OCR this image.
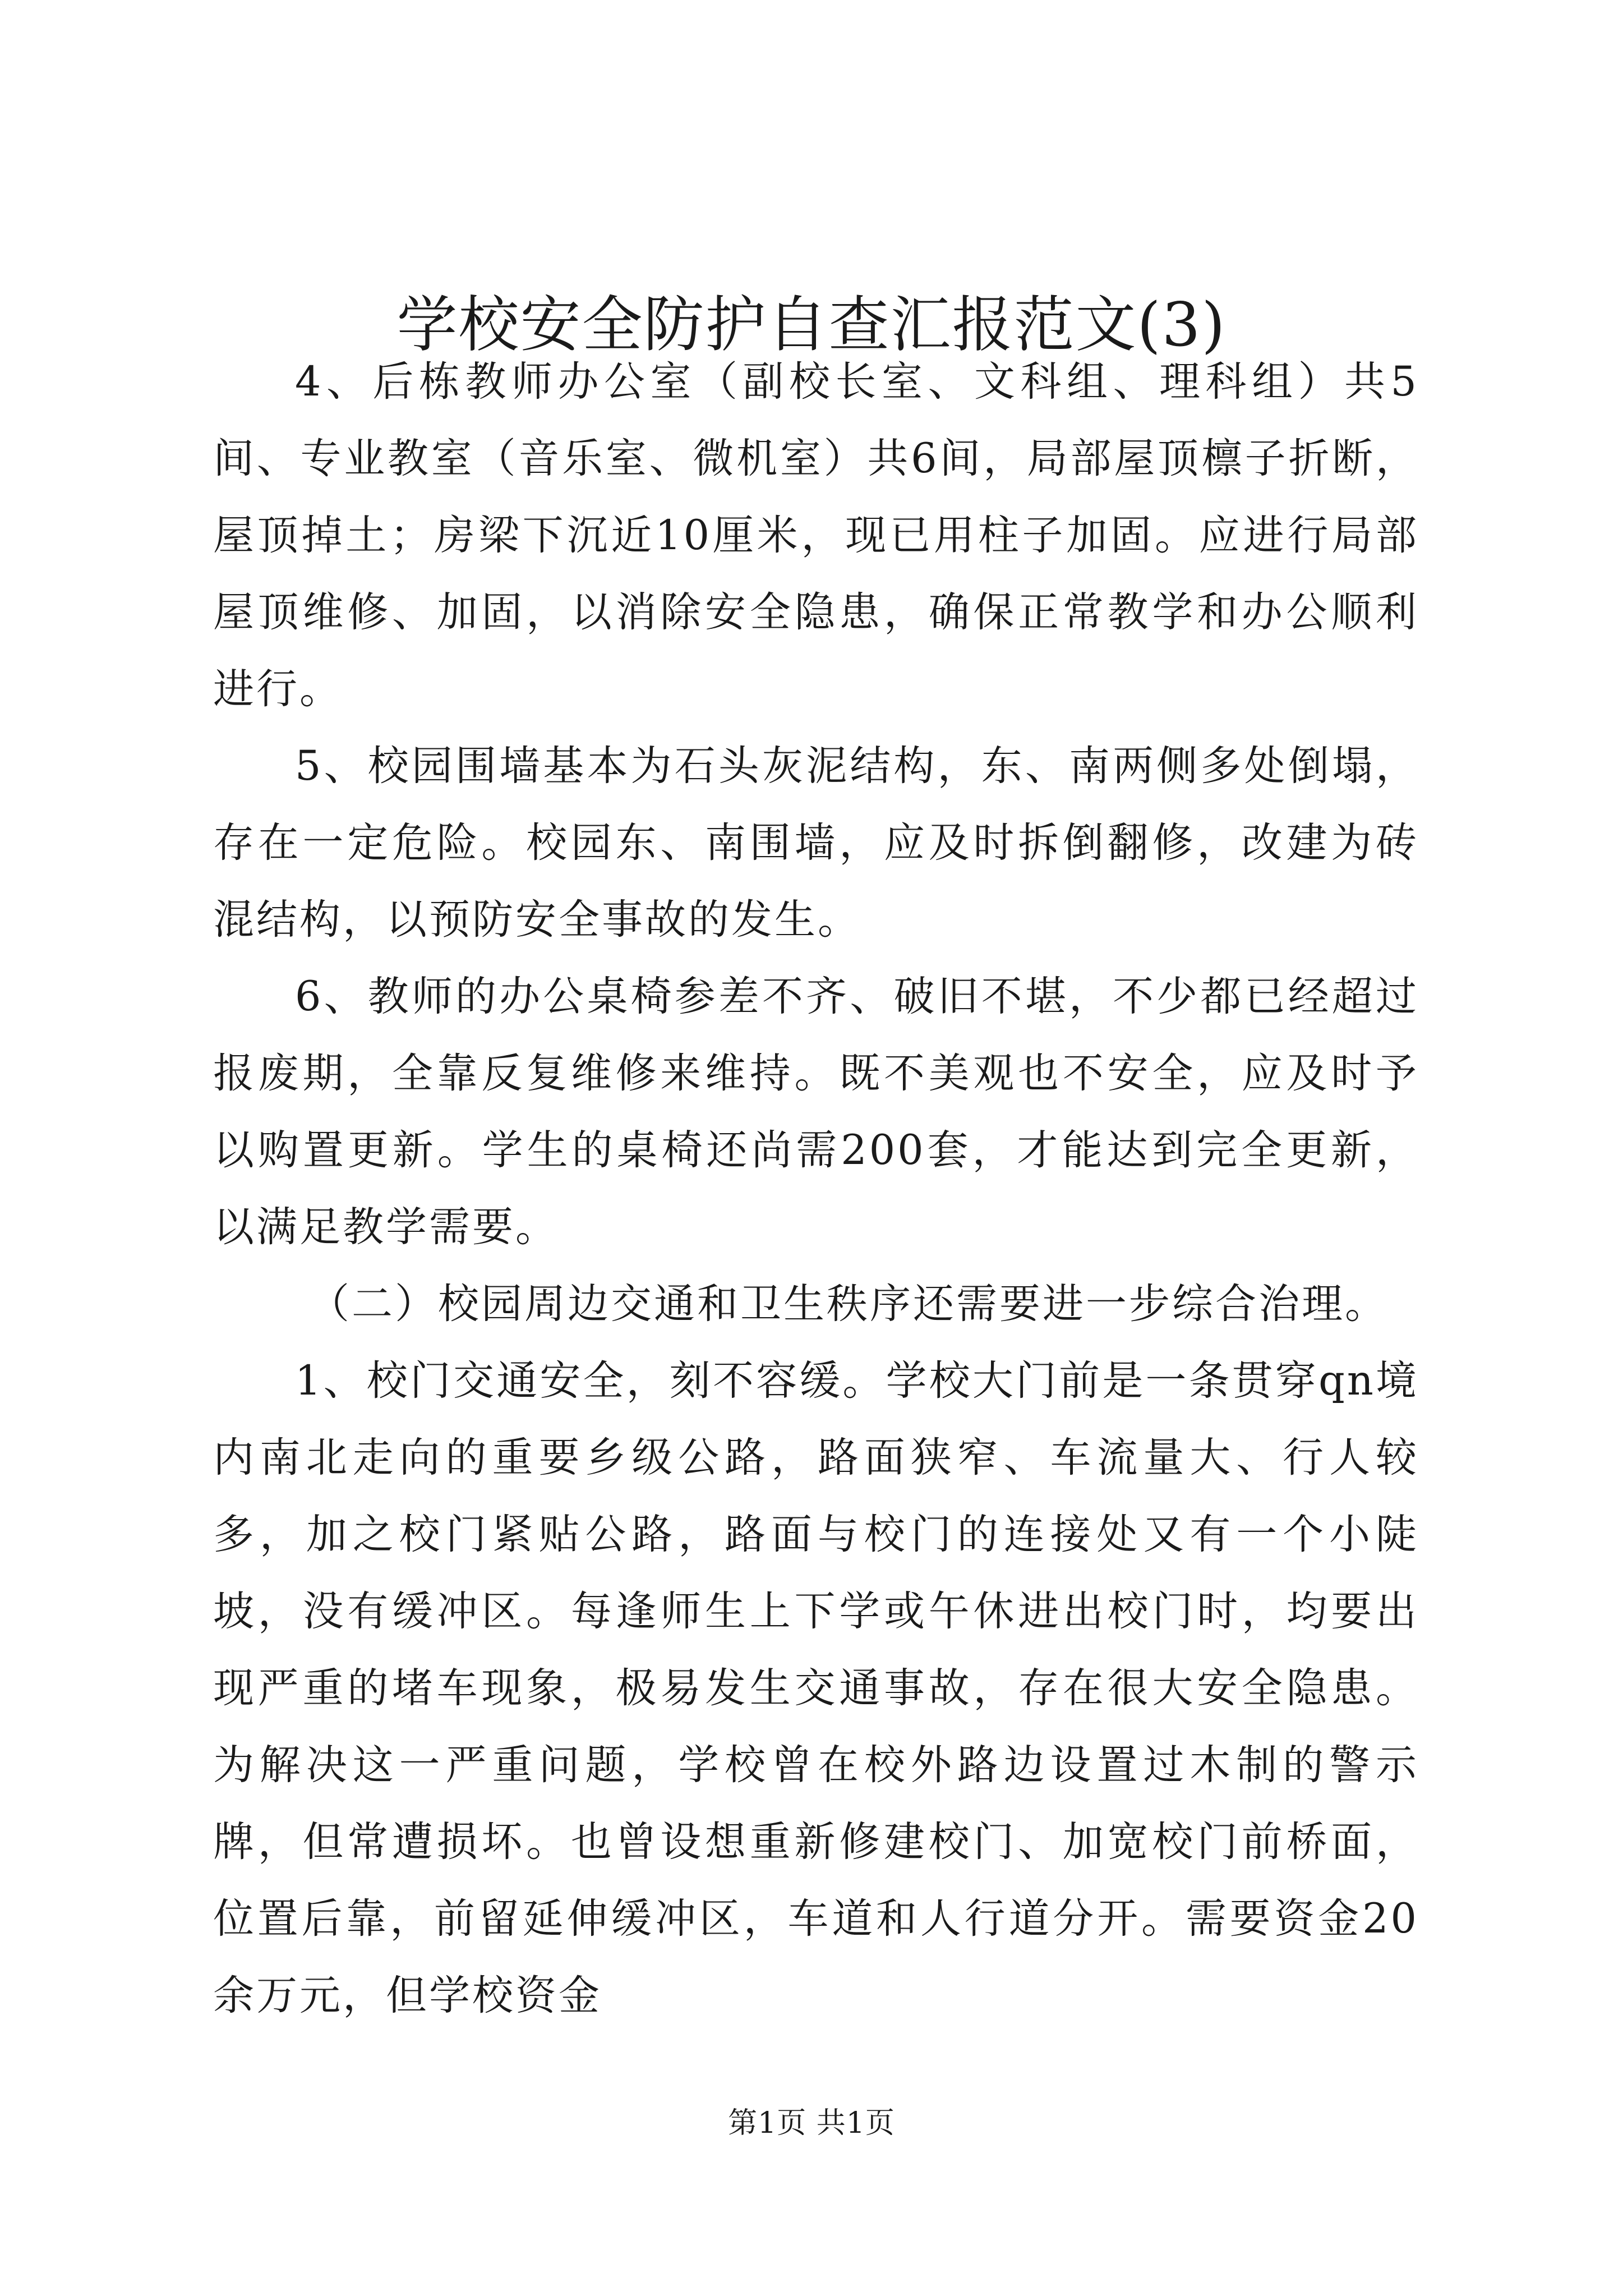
学校安全防护自查汇报范文(3)

4、后栋教师办公室（副校长室、文科组、理科组）共5间、专业教室（音乐室、微机室）共6间，局部屋顶檩子折断，屋顶掉土；房梁下沉近10厘米，现已用柱子加固。应进行局部屋顶维修、加固，以消除安全隐患，确保正常教学和办公顺利进行。

5、校园围墙基本为石头灰泥结构，东、南两侧多处倒塌，存在一定危险。校园东、南围墙，应及时拆倒翻修，改建为砖混结构，以预防安全事故的发生。

6、教师的办公桌椅参差不齐、破旧不堪，不少都已经超过报废期，全靠反复维修来维持。既不美观也不安全，应及时予以购置更新。学生的桌椅还尚需200套，才能达到完全更新，以满足教学需要。

（二）校园周边交通和卫生秩序还需要进一步综合治理。

1、校门交通安全，刻不容缓。学校大门前是一条贯穿qn境内南北走向的重要乡级公路，路面狭窄、车流量大、行人较多，加之校门紧贴公路，路面与校门的连接处又有一个小陡坡，没有缓冲区。每逢师生上下学或午休进出校门时，均要出现严重的堵车现象，极易发生交通事故，存在很大安全隐患。为解决这一严重问题，学校曾在校外路边设置过木制的警示牌，但常遭损坏。也曾设想重新修建校门、加宽校门前桥面，位置后靠，前留延伸缓冲区，车道和人行道分开。需要资金20余万元，但学校资金

第1页 共1页
